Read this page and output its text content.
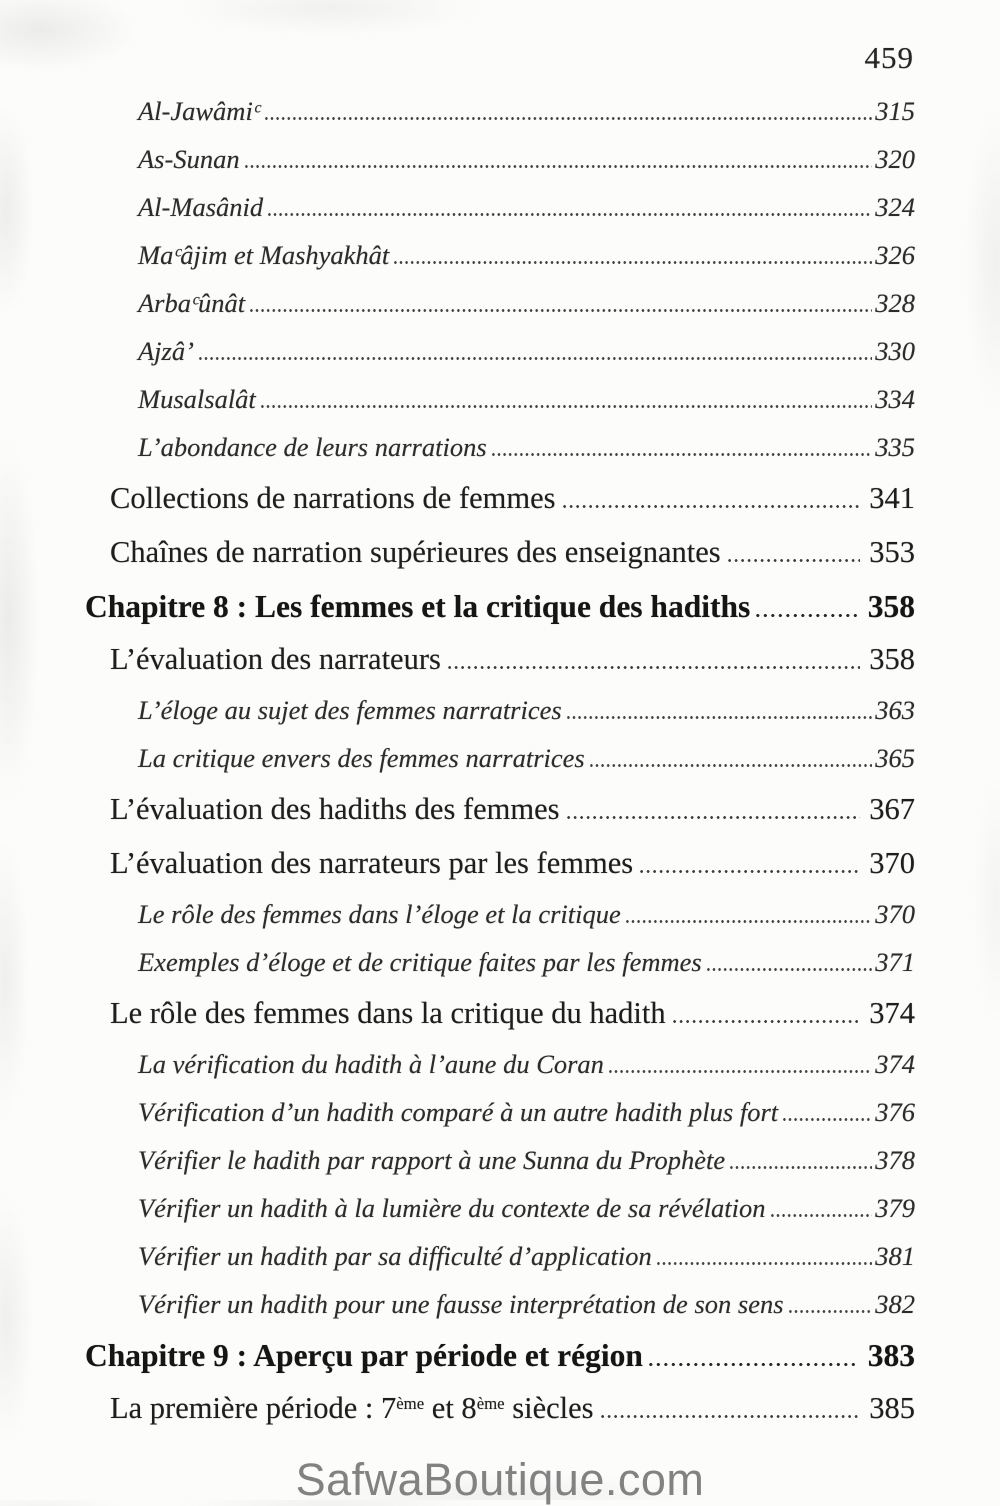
459
Al-Jawâmiᶜ	315
As-Sunan	320
Al-Masânid	324
Maᶜâjim et Mashyakhât	326
Arbaᶜûnât	328
Ajzâ’	330
Musalsalât	334
L’abondance de leurs narrations	335
Collections de narrations de femmes	341
Chaînes de narration supérieures des enseignantes	353
Chapitre 8 : Les femmes et la critique des hadiths	358
L’évaluation des narrateurs	358
L’éloge au sujet des femmes narratrices	363
La critique envers des femmes narratrices	365
L’évaluation des hadiths des femmes	367
L’évaluation des narrateurs par les femmes	370
Le rôle des femmes dans l’éloge et la critique	370
Exemples d’éloge et de critique faites par les femmes	371
Le rôle des femmes dans la critique du hadith	374
La vérification du hadith à l’aune du Coran	374
Vérification d’un hadith comparé à un autre hadith plus fort	376
Vérifier le hadith par rapport à une Sunna du Prophète	378
Vérifier un hadith à la lumière du contexte de sa révélation	379
Vérifier un hadith par sa difficulté d’application	381
Vérifier un hadith pour une fausse interprétation de son sens	382
Chapitre 9 : Aperçu par période et région	383
La première période : 7ème et 8ème siècles	385
SafwaBoutique.com
